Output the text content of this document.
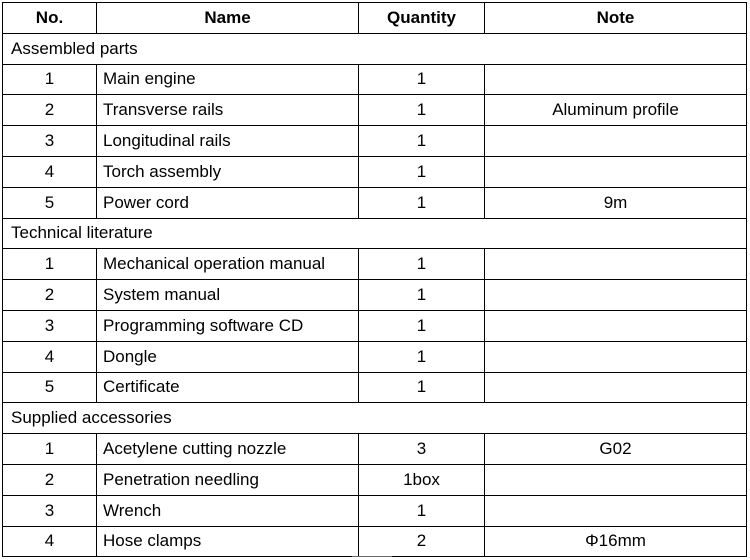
No.	Name	Quantity	Note
Assembled parts			
1	Main engine	1	
2	Transverse rails	1	Aluminum profile
3	Longitudinal rails	1	
4	Torch assembly	1	
5	Power cord	1	9m
Technical literature			
1	Mechanical operation manual	1	
2	System manual	1	
3	Programming software CD	1	
4	Dongle	1	
5	Certificate	1	
Supplied accessories			
1	Acetylene cutting nozzle	3	G02
2	Penetration needling	1box	
3	Wrench	1	
4	Hose clamps	2	Φ16mm
